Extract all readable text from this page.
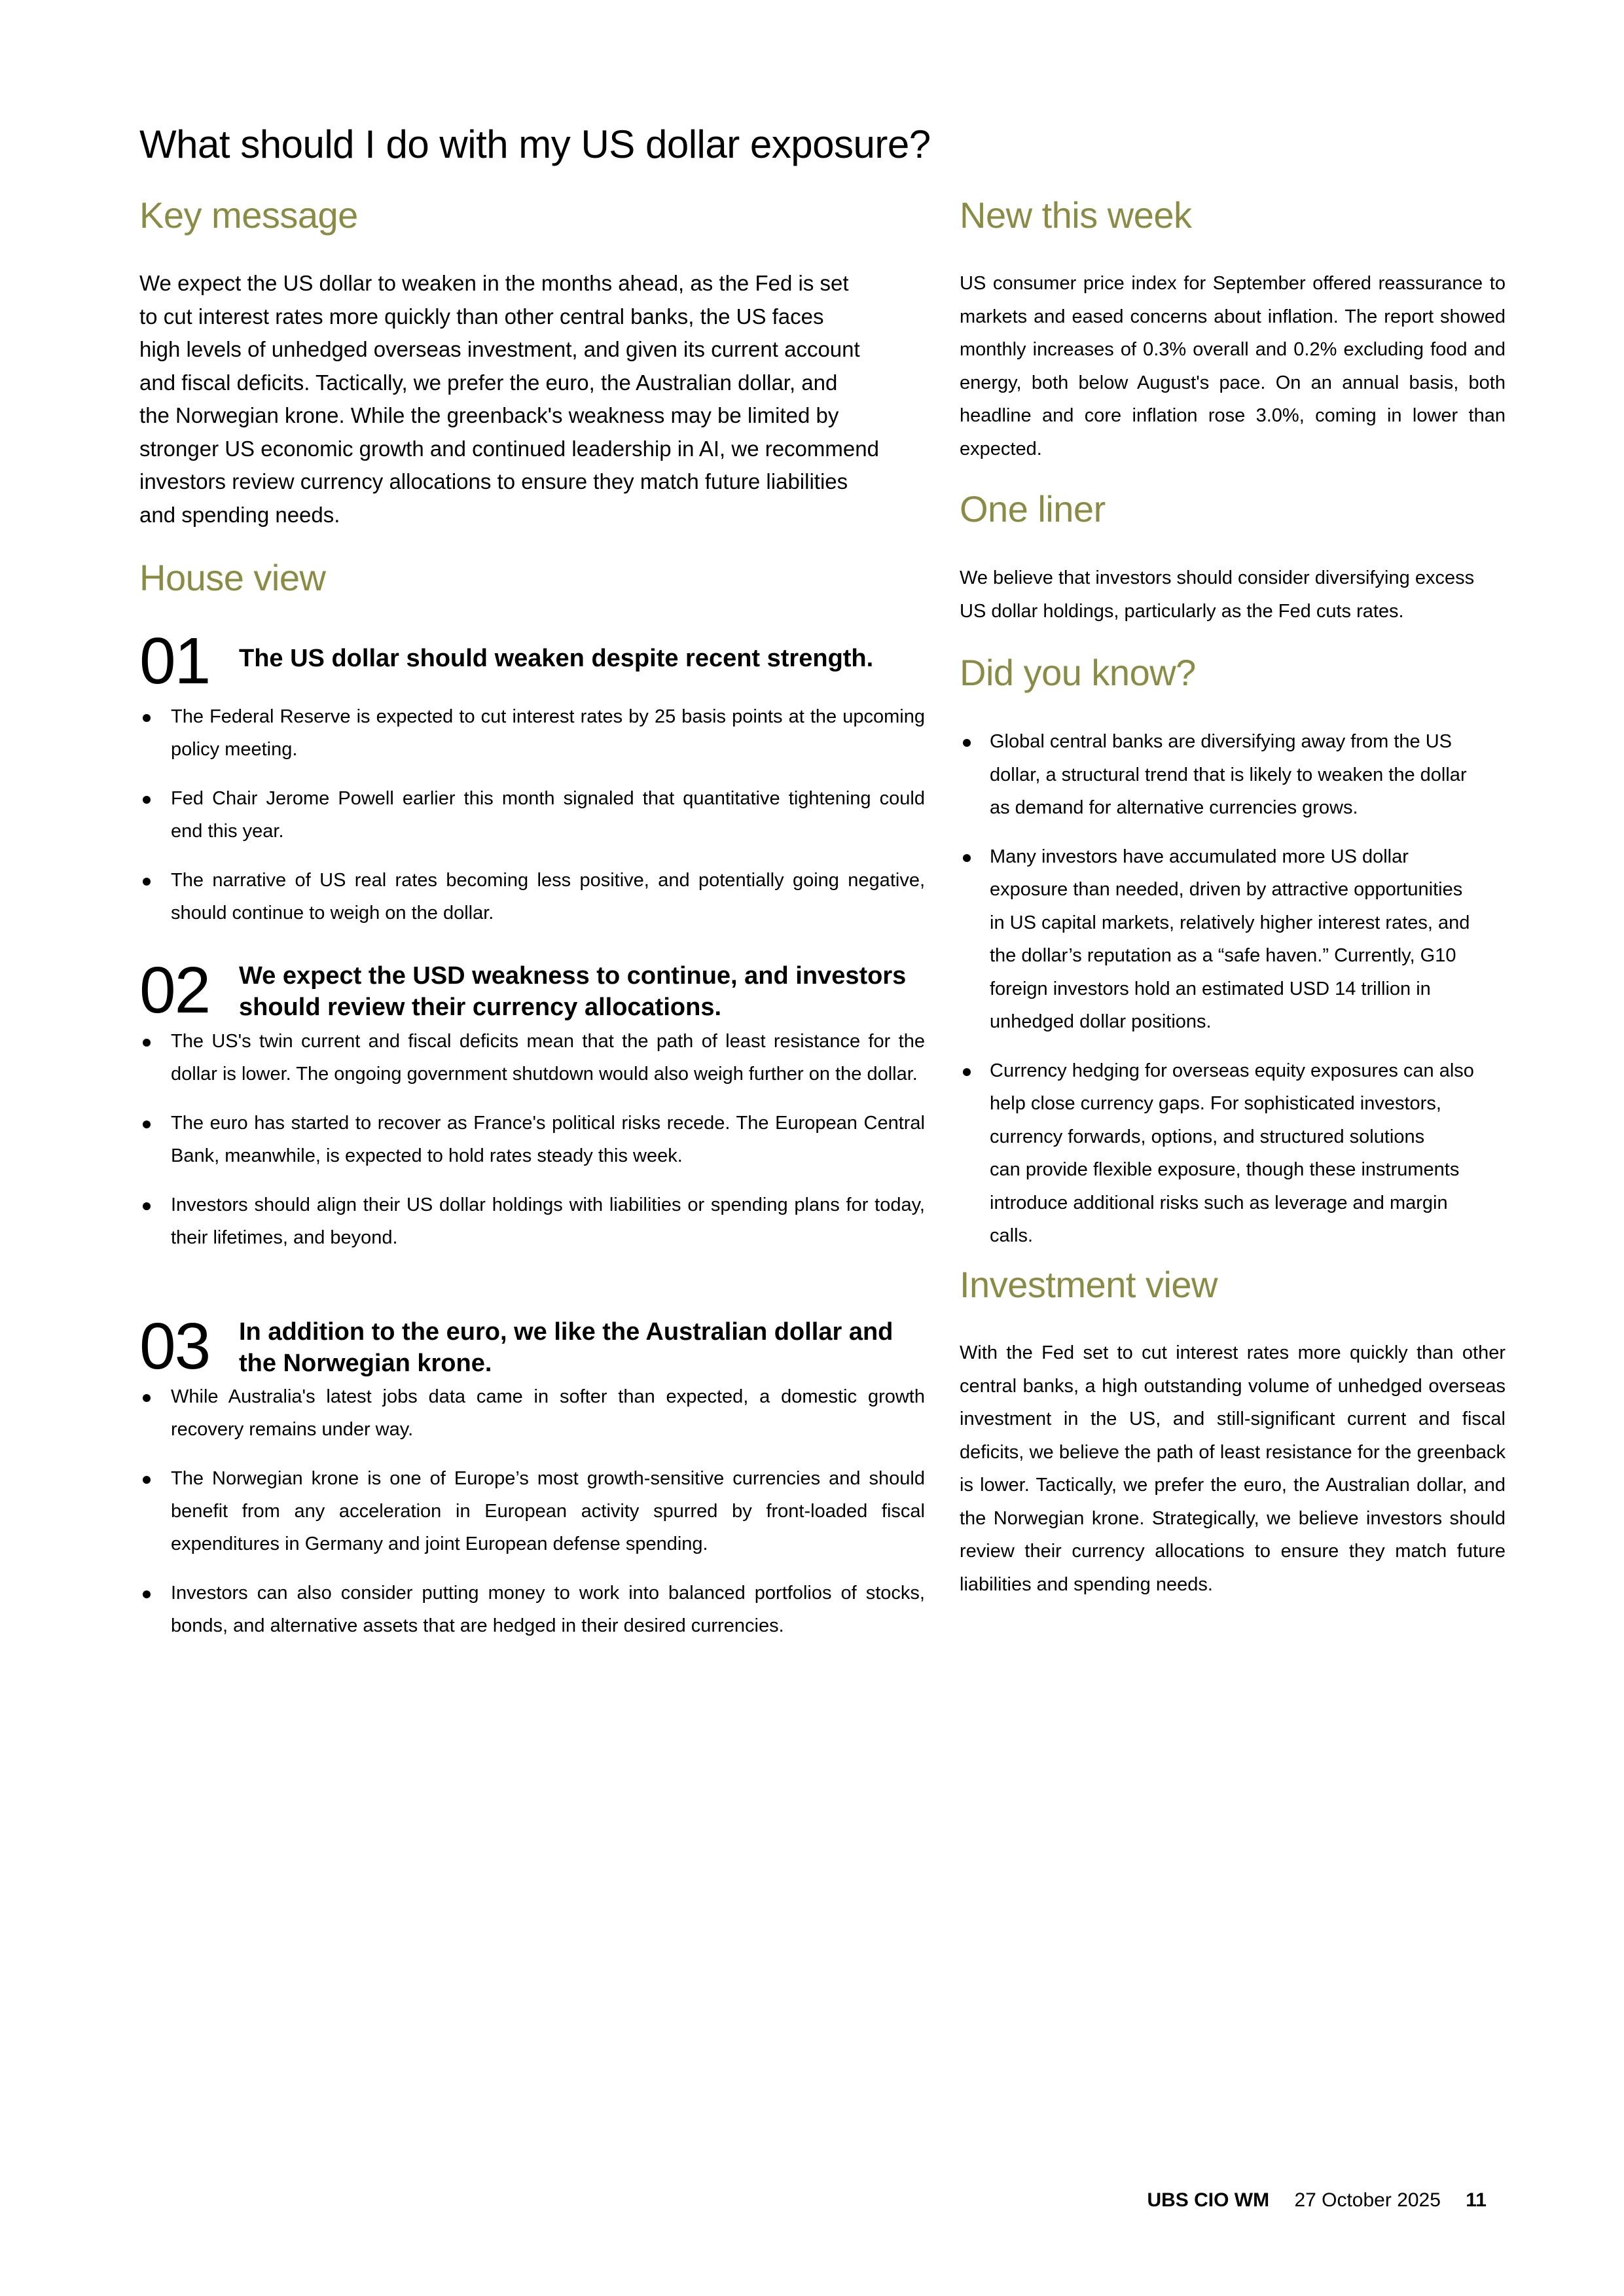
What should I do with my US dollar exposure?
Key message

We expect the US dollar to weaken in the months ahead, as the Fed is set
to cut interest rates more quickly than other central banks, the US faces
high levels of unhedged overseas investment, and given its current account
and fiscal deficits. Tactically, we prefer the euro, the Australian dollar, and
the Norwegian krone. While the greenback's weakness may be limited by
stronger US economic growth and continued leadership in AI, we recommend
investors review currency allocations to ensure they match future liabilities
and spending needs.

House view
01 The US dollar should weaken despite recent strength.
The Federal Reserve is expected to cut interest rates by 25 basis points at the upcoming policy meeting.
Fed Chair Jerome Powell earlier this month signaled that quantitative tightening could end this year.
The narrative of US real rates becoming less positive, and potentially going negative, should continue to weigh on the dollar.
02 We expect the USD weakness to continue, and investors should review their currency allocations.
The US's twin current and fiscal deficits mean that the path of least resistance for the dollar is lower. The ongoing government shutdown would also weigh further on the dollar.
The euro has started to recover as France's political risks recede. The European Central Bank, meanwhile, is expected to hold rates steady this week.
Investors should align their US dollar holdings with liabilities or spending plans for today, their lifetimes, and beyond.
03 In addition to the euro, we like the Australian dollar and the Norwegian krone.
While Australia's latest jobs data came in softer than expected, a domestic growth recovery remains under way.
The Norwegian krone is one of Europe’s most growth-sensitive currencies and should benefit from any acceleration in European activity spurred by front-loaded fiscal expenditures in Germany and joint European defense spending.
Investors can also consider putting money to work into balanced portfolios of stocks, bonds, and alternative assets that are hedged in their desired currencies.
New this week

US consumer price index for September offered reassurance to markets and eased concerns about inflation. The report showed monthly increases of 0.3% overall and 0.2% excluding food and energy, both below August's pace. On an annual basis, both headline and core inflation rose 3.0%, coming in lower than expected.

One liner

We believe that investors should consider diversifying excess US dollar holdings, particularly as the Fed cuts rates.

Did you know?
Global central banks are diversifying away from the US
dollar, a structural trend that is likely to weaken the dollar
as demand for alternative currencies grows.
Many investors have accumulated more US dollar
exposure than needed, driven by attractive opportunities
in US capital markets, relatively higher interest rates, and
the dollar’s reputation as a “safe haven.” Currently, G10
foreign investors hold an estimated USD 14 trillion in
unhedged dollar positions.
Currency hedging for overseas equity exposures can also
help close currency gaps. For sophisticated investors,
currency forwards, options, and structured solutions
can provide flexible exposure, though these instruments
introduce additional risks such as leverage and margin
calls.
Investment view

With the Fed set to cut interest rates more quickly than other central banks, a high outstanding volume of unhedged overseas investment in the US, and still-significant current and fiscal deficits, we believe the path of least resistance for the greenback is lower. Tactically, we prefer the euro, the Australian dollar, and the Norwegian krone. Strategically, we believe investors should review their currency allocations to ensure they match future liabilities and spending needs.

UBS CIO WM 27 October 2025 11
